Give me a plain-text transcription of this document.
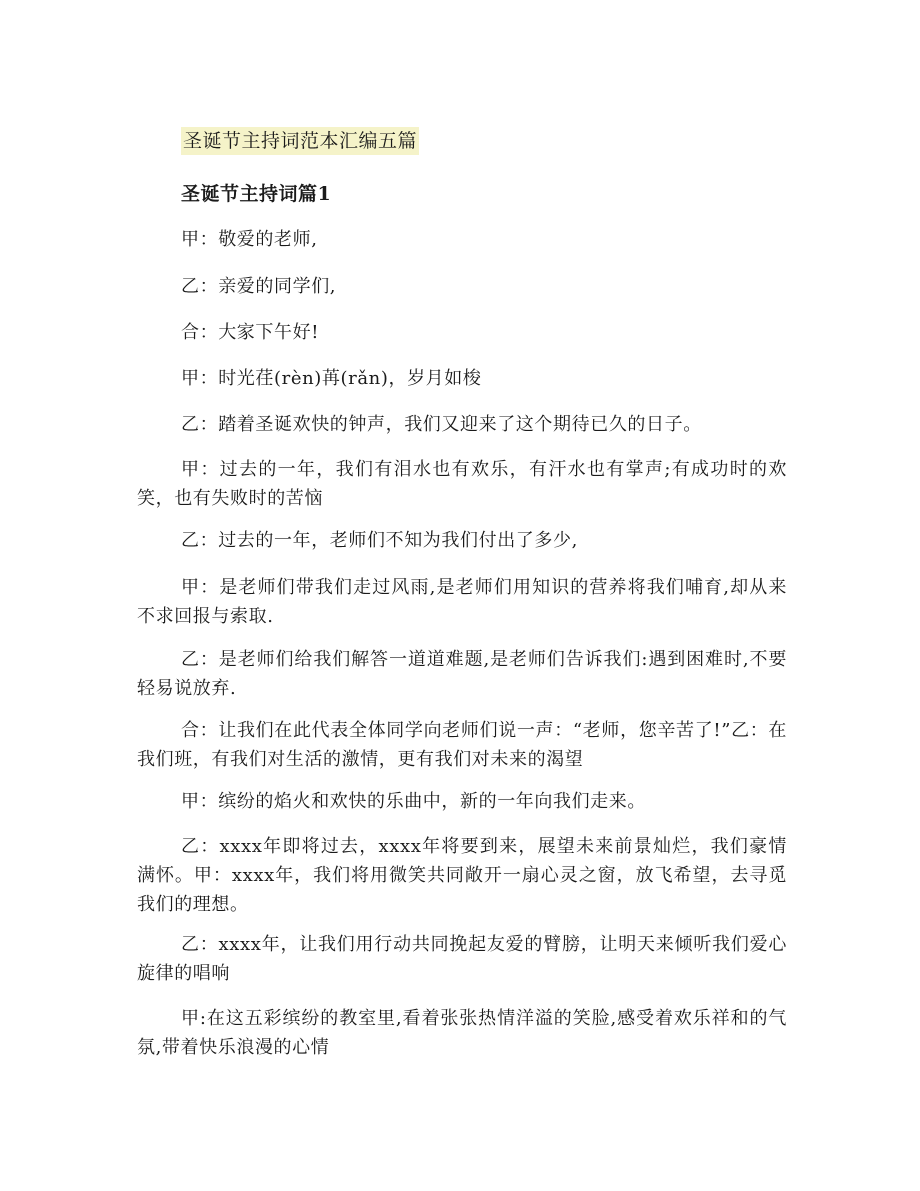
圣诞节主持词范本汇编五篇
圣诞节主持词篇1
甲：敬爱的老师,
乙：亲爱的同学们,
合：大家下午好!
甲：时光荏(rèn)苒(rǎn)，岁月如梭
乙：踏着圣诞欢快的钟声，我们又迎来了这个期待已久的日子。
甲：过去的一年，我们有泪水也有欢乐，有汗水也有掌声;有成功时的欢笑，也有失败时的苦恼
乙：过去的一年，老师们不知为我们付出了多少,
甲：是老师们带我们走过风雨,是老师们用知识的营养将我们哺育,却从来不求回报与索取.
乙：是老师们给我们解答一道道难题,是老师们告诉我们:遇到困难时,不要轻易说放弃.
合：让我们在此代表全体同学向老师们说一声：“老师，您辛苦了!”乙：在我们班，有我们对生活的激情，更有我们对未来的渴望
甲：缤纷的焰火和欢快的乐曲中，新的一年向我们走来。
乙：xxxx年即将过去，xxxx年将要到来，展望未来前景灿烂，我们豪情满怀。甲：xxxx年，我们将用微笑共同敞开一扇心灵之窗，放飞希望，去寻觅我们的理想。
乙：xxxx年，让我们用行动共同挽起友爱的臂膀，让明天来倾听我们爱心旋律的唱响
甲:在这五彩缤纷的教室里,看着张张热情洋溢的笑脸,感受着欢乐祥和的气氛,带着快乐浪漫的心情
